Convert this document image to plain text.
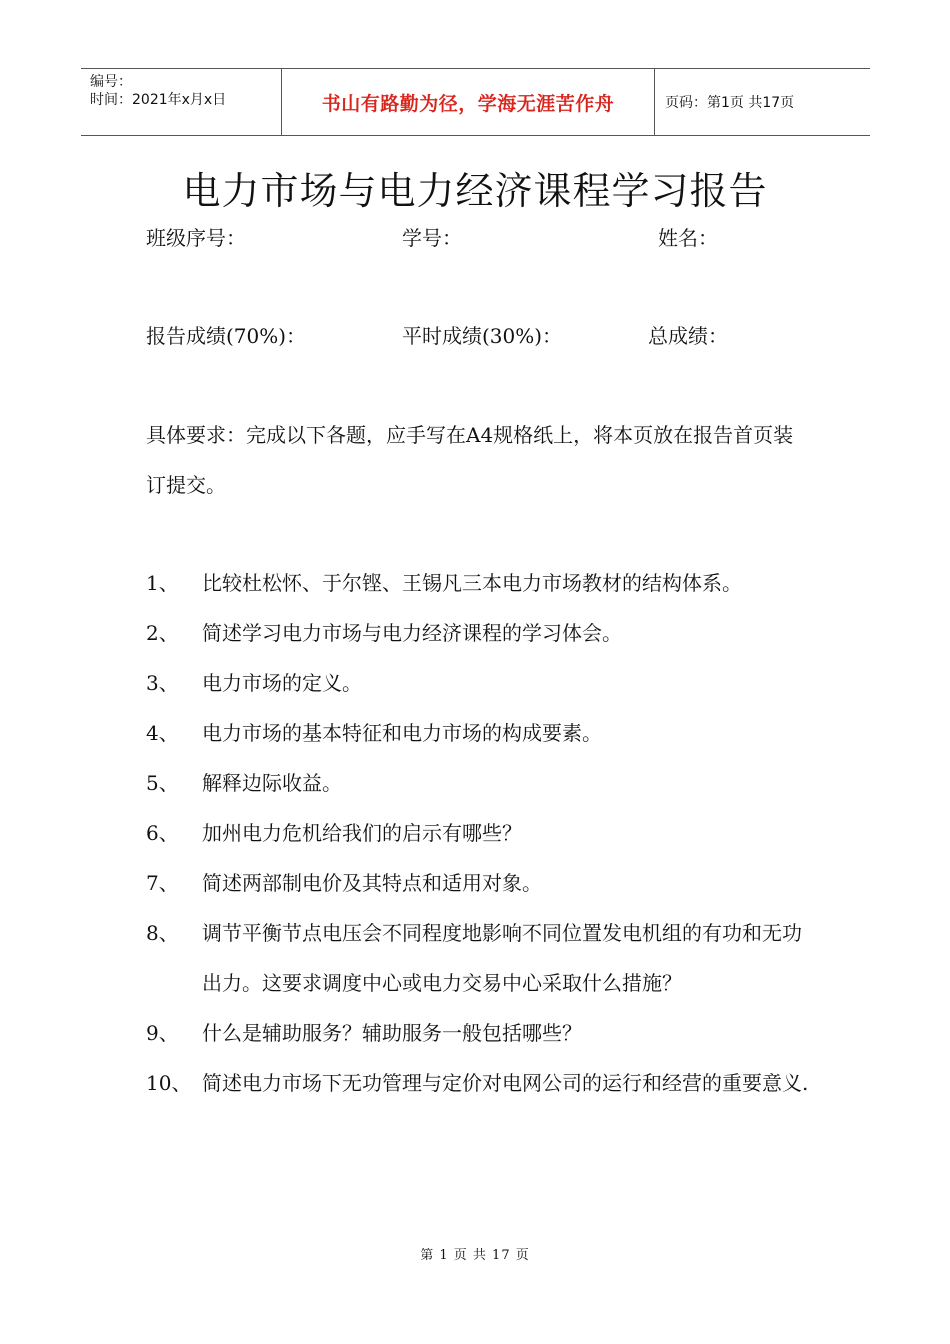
编号：
时间：2021年x月x日	书山有路勤为径，学海无涯苦作舟	页码：第1页 共17页
电力市场与电力经济课程学习报告
班级序号：	学号：	姓名：
报告成绩(70%)：	平时成绩(30%)：	总成绩：
具体要求：完成以下各题，应手写在A4规格纸上，将本页放在报告首页装订提交。
1、 比较杜松怀、于尔铿、王锡凡三本电力市场教材的结构体系。
2、 简述学习电力市场与电力经济课程的学习体会。
3、 电力市场的定义。
4、 电力市场的基本特征和电力市场的构成要素。
5、 解释边际收益。
6、 加州电力危机给我们的启示有哪些？
7、 简述两部制电价及其特点和适用对象。
8、 调节平衡节点电压会不同程度地影响不同位置发电机组的有功和无功出力。这要求调度中心或电力交易中心采取什么措施？
9、 什么是辅助服务？辅助服务一般包括哪些？
10、 简述电力市场下无功管理与定价对电网公司的运行和经营的重要意义.
第 1 页 共 17 页
